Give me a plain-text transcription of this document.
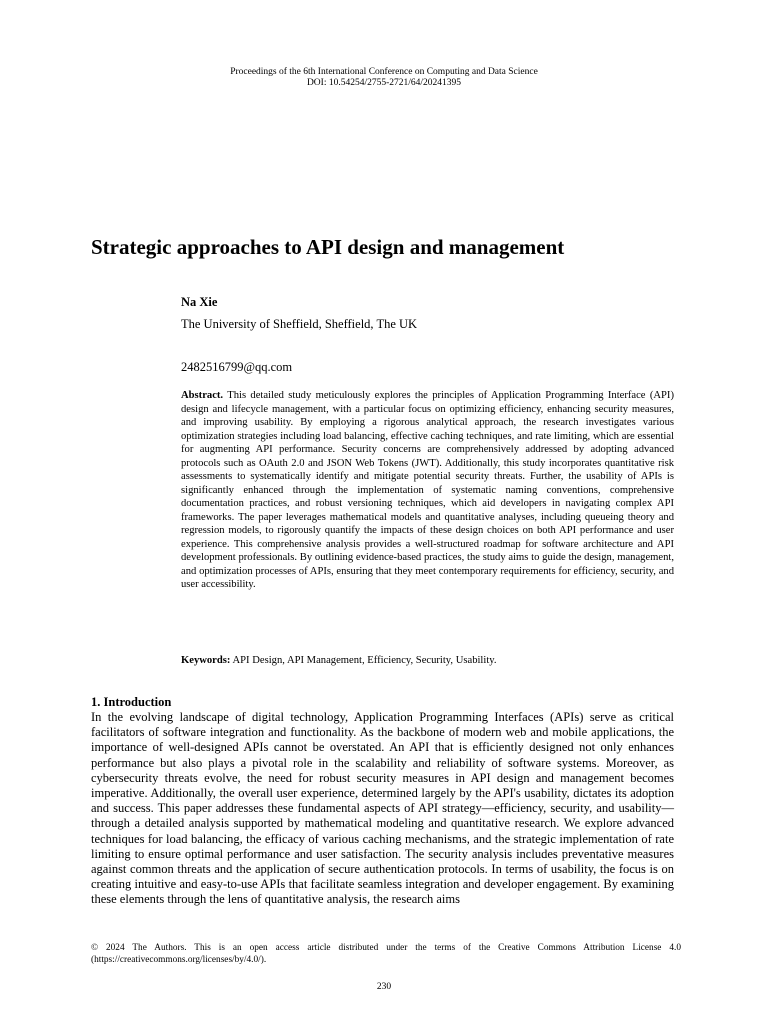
Proceedings of the 6th International Conference on Computing and Data Science
DOI: 10.54254/2755-2721/64/20241395
Strategic approaches to API design and management
Na Xie
The University of Sheffield, Sheffield, The UK
2482516799@qq.com

Abstract. This detailed study meticulously explores the principles of Application Programming Interface (API) design and lifecycle management, with a particular focus on optimizing efficiency, enhancing security measures, and improving usability. By employing a rigorous analytical approach, the research investigates various optimization strategies including load balancing, effective caching techniques, and rate limiting, which are essential for augmenting API performance. Security concerns are comprehensively addressed by adopting advanced protocols such as OAuth 2.0 and JSON Web Tokens (JWT). Additionally, this study incorporates quantitative risk assessments to systematically identify and mitigate potential security threats. Further, the usability of APIs is significantly enhanced through the implementation of systematic naming conventions, comprehensive documentation practices, and robust versioning techniques, which aid developers in navigating complex API frameworks. The paper leverages mathematical models and quantitative analyses, including queueing theory and regression models, to rigorously quantify the impacts of these design choices on both API performance and user experience. This comprehensive analysis provides a well-structured roadmap for software architecture and API development professionals. By outlining evidence-based practices, the study aims to guide the design, management, and optimization processes of APIs, ensuring that they meet contemporary requirements for efficiency, security, and user accessibility.

Keywords: API Design, API Management, Efficiency, Security, Usability.

1. Introduction

In the evolving landscape of digital technology, Application Programming Interfaces (APIs) serve as critical facilitators of software integration and functionality. As the backbone of modern web and mobile applications, the importance of well-designed APIs cannot be overstated. An API that is efficiently designed not only enhances performance but also plays a pivotal role in the scalability and reliability of software systems. Moreover, as cybersecurity threats evolve, the need for robust security measures in API design and management becomes imperative. Additionally, the overall user experience, determined largely by the API's usability, dictates its adoption and success. This paper addresses these fundamental aspects of API strategy—efficiency, security, and usability—through a detailed analysis supported by mathematical modeling and quantitative research. We explore advanced techniques for load balancing, the efficacy of various caching mechanisms, and the strategic implementation of rate limiting to ensure optimal performance and user satisfaction. The security analysis includes preventative measures against common threats and the application of secure authentication protocols. In terms of usability, the focus is on creating intuitive and easy-to-use APIs that facilitate seamless integration and developer engagement. By examining these elements through the lens of quantitative analysis, the research aims

© 2024 The Authors. This is an open access article distributed under the terms of the Creative Commons Attribution License 4.0 (https://creativecommons.org/licenses/by/4.0/).

230
